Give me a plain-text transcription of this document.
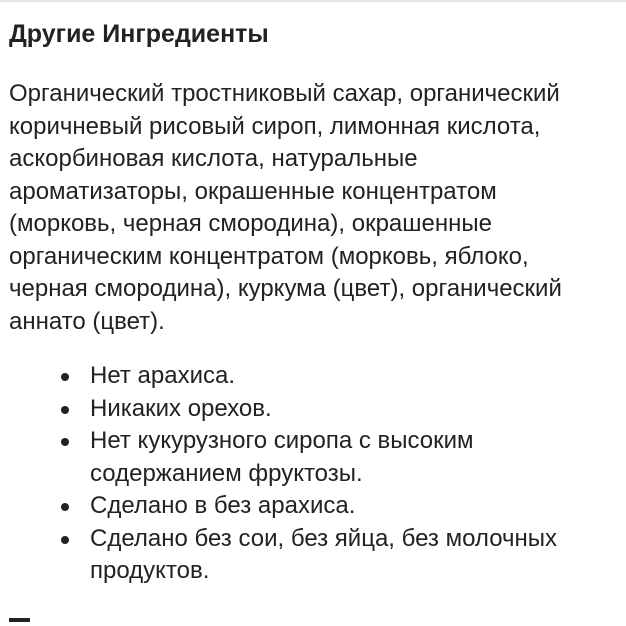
Другие Ингредиенты

Органический тростниковый сахар, органический
коричневый рисовый сироп, лимонная кислота,
аскорбиновая кислота, натуральные
ароматизаторы, окрашенные концентратом
(морковь, черная смородина), окрашенные
органическим концентратом (морковь, яблоко,
черная смородина), куркума (цвет), органический
аннато (цвет).

Нет арахиса.
Никаких орехов.
Нет кукурузного сиропа с высоким
содержанием фруктозы.
Сделано в без арахиса.
Сделано без сои, без яйца, без молочных
продуктов.
